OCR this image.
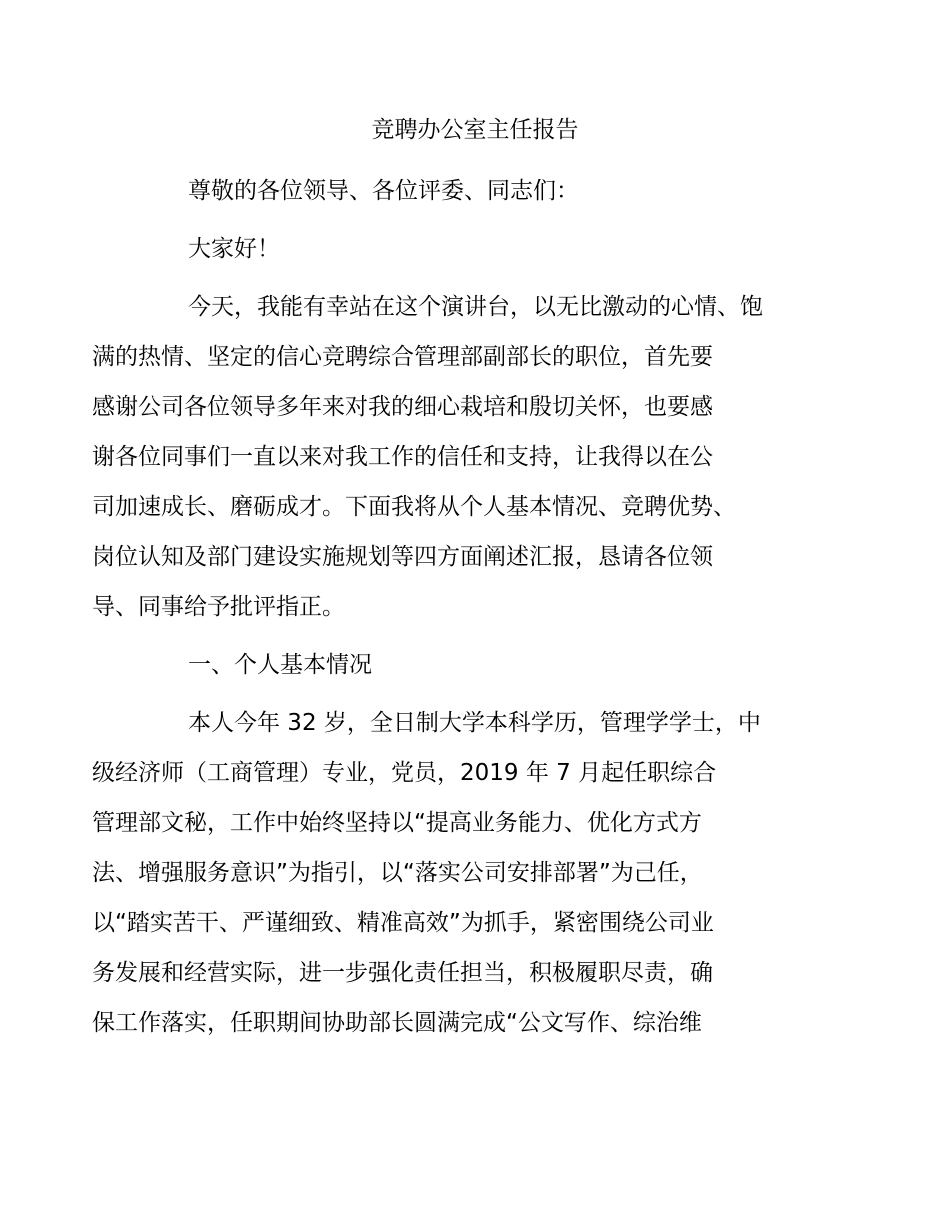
竞聘办公室主任报告

尊敬的各位领导、各位评委、同志们：

大家好！

今天，我能有幸站在这个演讲台，以无比激动的心情、饱
满的热情、坚定的信心竞聘综合管理部副部长的职位，首先要
感谢公司各位领导多年来对我的细心栽培和殷切关怀，也要感
谢各位同事们一直以来对我工作的信任和支持，让我得以在公
司加速成长、磨砺成才。下面我将从个人基本情况、竞聘优势、
岗位认知及部门建设实施规划等四方面阐述汇报，恳请各位领
导、同事给予批评指正。

一、个人基本情况

本人今年 32 岁，全日制大学本科学历，管理学学士，中
级经济师（工商管理）专业，党员，2019 年 7 月起任职综合
管理部文秘，工作中始终坚持以“提高业务能力、优化方式方
法、增强服务意识”为指引，以“落实公司安排部署”为己任，
以“踏实苦干、严谨细致、精准高效”为抓手，紧密围绕公司业
务发展和经营实际，进一步强化责任担当，积极履职尽责，确
保工作落实，任职期间协助部长圆满完成“公文写作、综治维
